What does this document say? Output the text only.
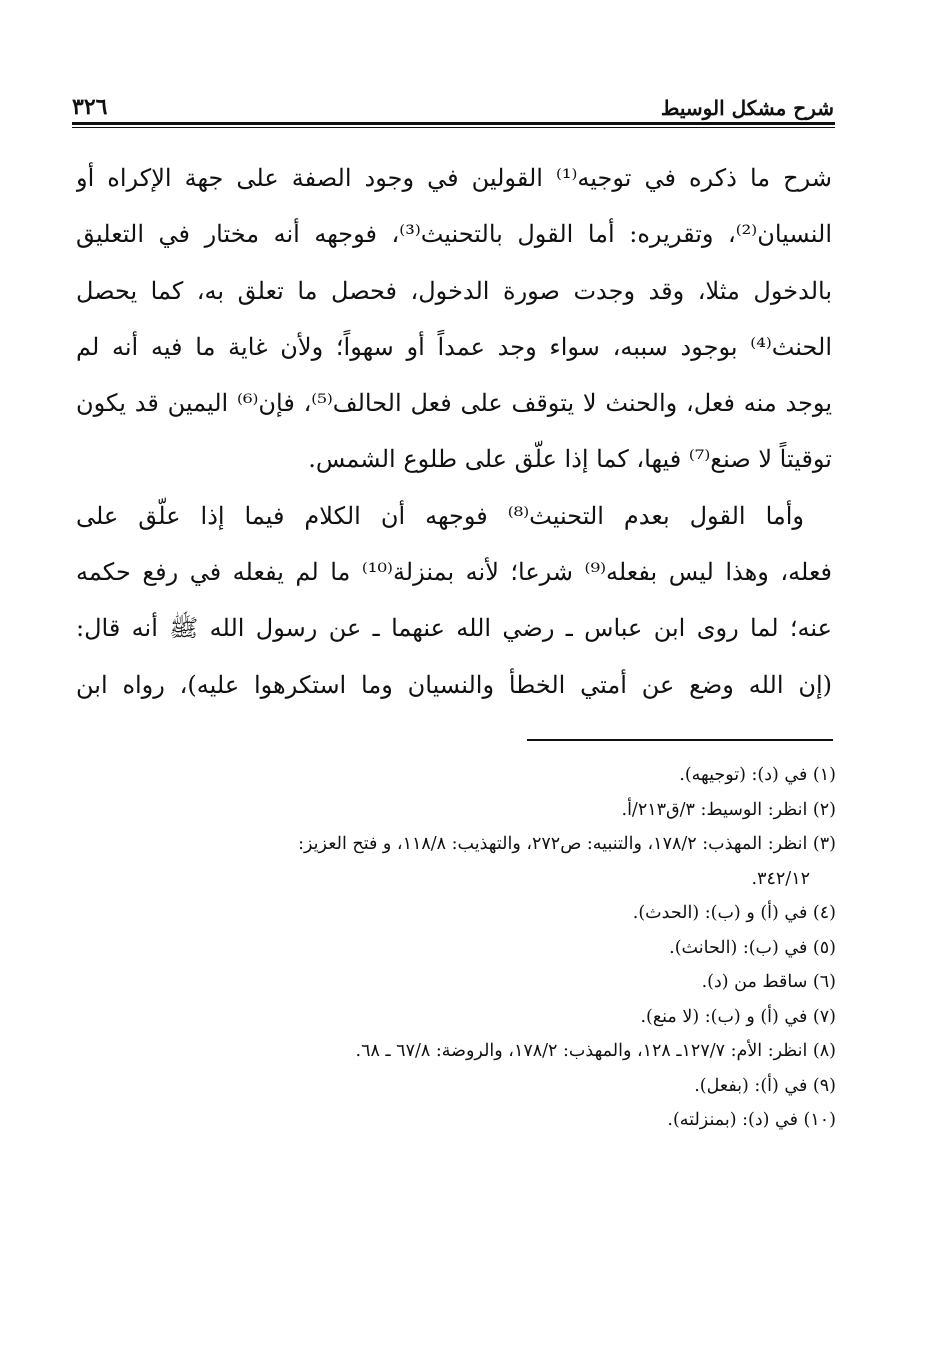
٣٢٦	شرح مشكل الوسيط
شرح ما ذكره في توجيه⁽¹⁾ القولين في وجود الصفة على جهة الإكراه أو
النسيان⁽²⁾، وتقريره: أما القول بالتحنيث⁽³⁾، فوجهه أنه مختار في التعليق
بالدخول مثلا، وقد وجدت صورة الدخول، فحصل ما تعلق به، كما يحصل
الحنث⁽⁴⁾ بوجود سببه، سواء وجد عمداً أو سهواً؛ ولأن غاية ما فيه أنه لم
يوجد منه فعل، والحنث لا يتوقف على فعل الحالف⁽⁵⁾، فإن⁽⁶⁾ اليمين قد يكون
توقيتاً لا صنع⁽⁷⁾ فيها، كما إذا علّق على طلوع الشمس.
وأما القول بعدم التحنيث⁽⁸⁾ فوجهه أن الكلام فيما إذا علّق على
فعله، وهذا ليس بفعله⁽⁹⁾ شرعا؛ لأنه بمنزلة⁽¹⁰⁾ ما لم يفعله في رفع حكمه
عنه؛ لما روى ابن عباس ـ رضي الله عنهما ـ عن رسول الله ﷺ أنه قال:
(إن الله وضع عن أمتي الخطأ والنسيان وما استكرهوا عليه)، رواه ابن
(١) في (د): (توجيهه).
(٢) انظر: الوسيط: ٣/ق٢١٣/أ.
(٣) انظر: المهذب: ١٧٨/٢، والتنبيه: ص٢٧٢، والتهذيب: ١١٨/٨، و فتح العزيز:
٣٤٢/١٢.
(٤) في (أ) و (ب): (الحدث).
(٥) في (ب): (الحانث).
(٦) ساقط من (د).
(٧) في (أ) و (ب): (لا منع).
(٨) انظر: الأم: ١٢٧/٧ـ ١٢٨، والمهذب: ١٧٨/٢، والروضة: ٦٧/٨ ـ ٦٨.
(٩) في (أ): (بفعل).
(١٠) في (د): (بمنزلته).
